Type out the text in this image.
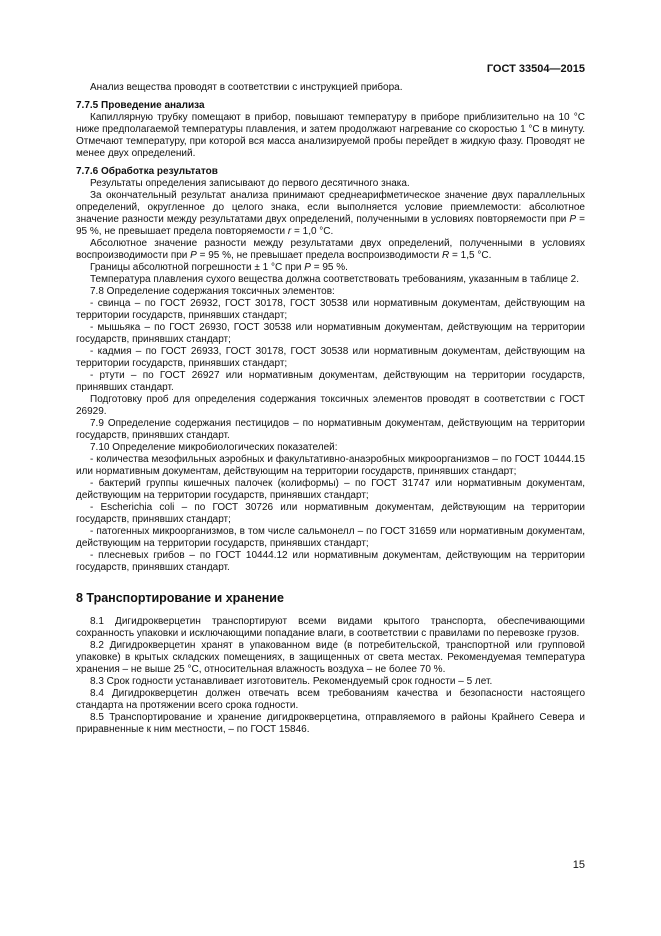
ГОСТ 33504—2015

Анализ вещества проводят в соответствии с инструкцией прибора.

7.7.5 Проведение анализа

Капиллярную трубку помещают в прибор, повышают температуру в приборе приблизительно на 10 °С ниже предполагаемой температуры плавления, и затем продолжают нагревание со скоростью 1 °С в минуту. Отмечают температуру, при которой вся масса анализируемой пробы перейдет в жидкую фазу. Проводят не менее двух определений.

7.7.6 Обработка результатов

Результаты определения записывают до первого десятичного знака.

За окончательный результат анализа принимают среднеарифметическое значение двух параллельных определений, округленное до целого знака, если выполняется условие приемлемости: абсолютное значение разности между результатами двух определений, полученными в условиях повторяемости при P = 95 %, не превышает предела повторяемости r = 1,0 °С.

Абсолютное значение разности между результатами двух определений, полученными в условиях воспроизводимости при P = 95 %, не превышает предела воспроизводимости R = 1,5 °С.

Границы абсолютной погрешности ± 1 °С при P = 95 %.

Температура плавления сухого вещества должна соответствовать требованиям, указанным в таблице 2.

7.8 Определение содержания токсичных элементов:

- свинца – по ГОСТ 26932, ГОСТ 30178, ГОСТ 30538 или нормативным документам, действующим на территории государств, принявших стандарт;

- мышьяка – по ГОСТ 26930, ГОСТ 30538 или нормативным документам, действующим на территории государств, принявших стандарт;

- кадмия – по ГОСТ 26933, ГОСТ 30178, ГОСТ 30538 или нормативным документам, действующим на территории государств, принявших стандарт;

- ртути – по ГОСТ 26927 или нормативным документам, действующим на территории государств, принявших стандарт.

Подготовку проб для определения содержания токсичных элементов проводят в соответствии с ГОСТ 26929.

7.9 Определение содержания пестицидов – по нормативным документам, действующим на территории государств, принявших стандарт.

7.10 Определение микробиологических показателей:

- количества мезофильных аэробных и факультативно-анаэробных микроорганизмов – по ГОСТ 10444.15 или нормативным документам, действующим на территории государств, принявших стандарт;

- бактерий группы кишечных палочек (колиформы) – по ГОСТ 31747 или нормативным документам, действующим на территории государств, принявших стандарт;

- Escherichia coli – по ГОСТ 30726 или нормативным документам, действующим на территории государств, принявших стандарт;

- патогенных микроорганизмов, в том числе сальмонелл – по ГОСТ 31659 или нормативным документам, действующим на территории государств, принявших стандарт;

- плесневых грибов – по ГОСТ 10444.12 или нормативным документам, действующим на территории государств, принявших стандарт.

8 Транспортирование и хранение

8.1 Дигидрокверцетин транспортируют всеми видами крытого транспорта, обеспечивающими сохранность упаковки и исключающими попадание влаги, в соответствии с правилами по перевозке грузов.

8.2 Дигидрокверцетин хранят в упакованном виде (в потребительской, транспортной или групповой упаковке) в крытых складских помещениях, в защищенных от света местах. Рекомендуемая температура хранения – не выше 25 °С, относительная влажность воздуха – не более 70 %.

8.3 Срок годности устанавливает изготовитель. Рекомендуемый срок годности – 5 лет.

8.4 Дигидрокверцетин должен отвечать всем требованиям качества и безопасности настоящего стандарта на протяжении всего срока годности.

8.5 Транспортирование и хранение дигидрокверцетина, отправляемого в районы Крайнего Севера и приравненные к ним местности, – по ГОСТ 15846.

15
